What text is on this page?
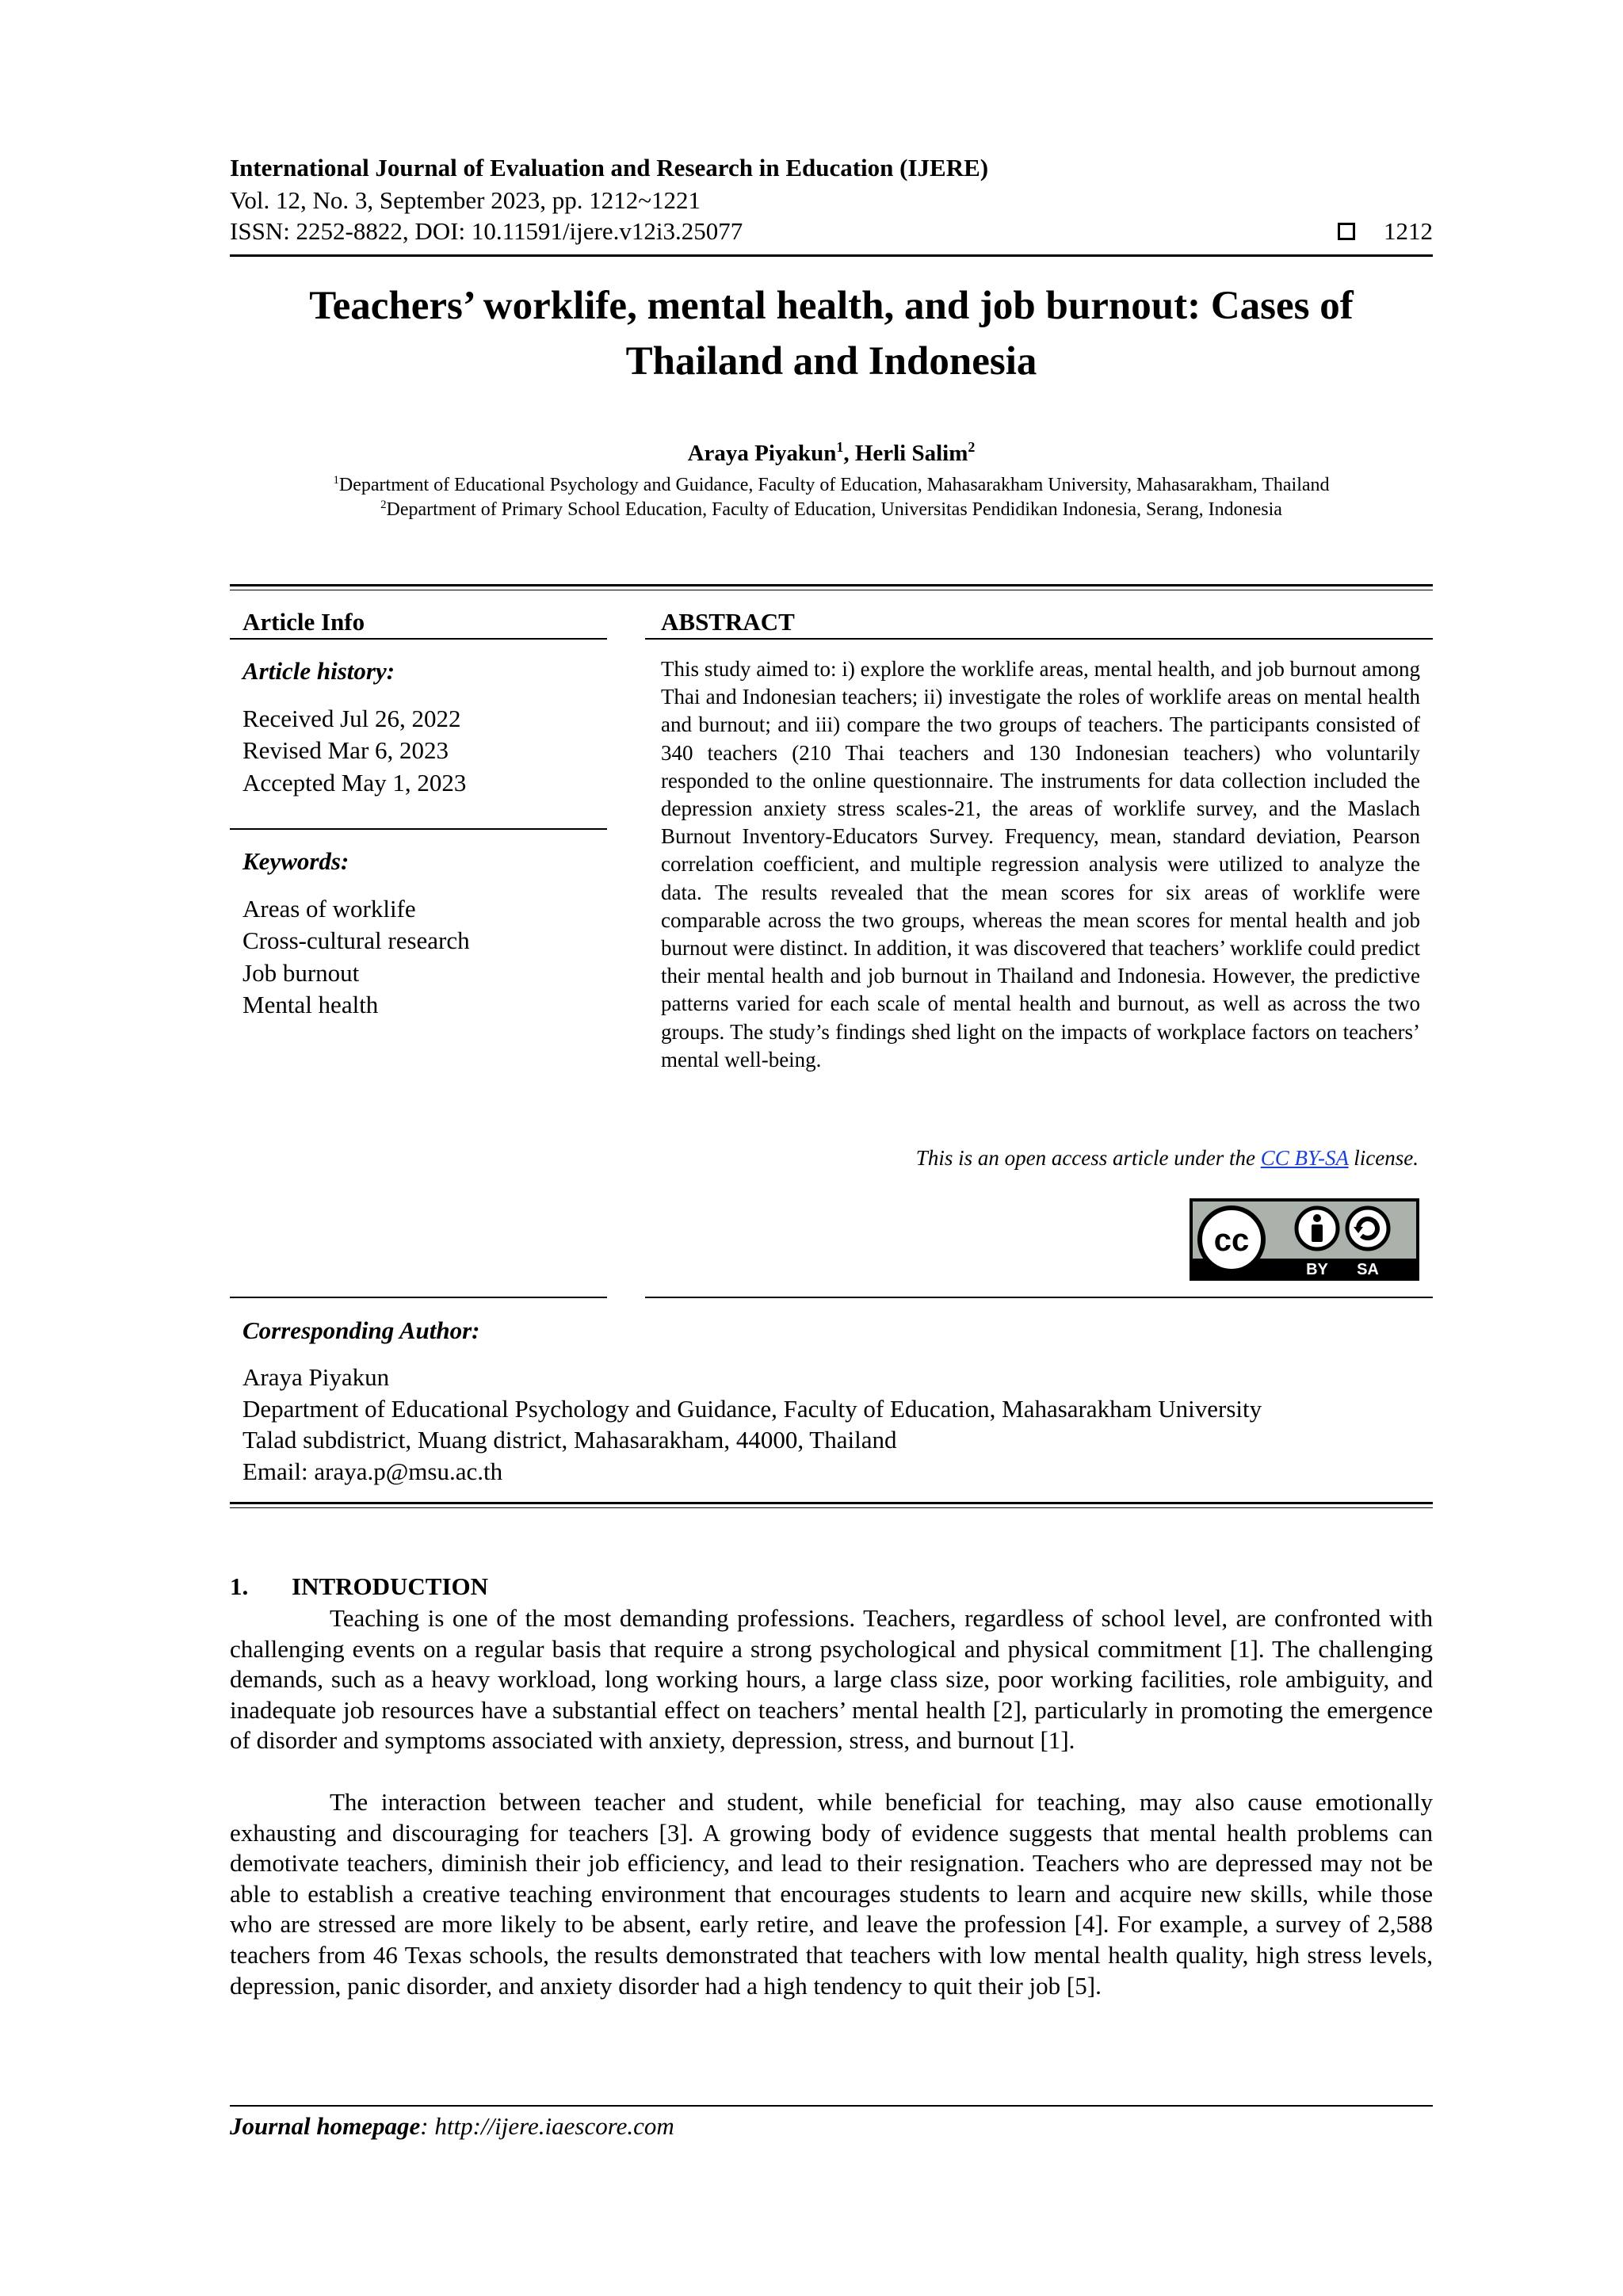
International Journal of Evaluation and Research in Education (IJERE)
Vol. 12, No. 3, September 2023, pp. 1212~1221
ISSN: 2252-8822, DOI: 10.11591/ijere.v12i3.25077	1212
Teachers’ worklife, mental health, and job burnout: Cases of
Thailand and Indonesia
Araya Piyakun$^1$, Herli Salim$^2$
$^1$Department of Educational Psychology and Guidance, Faculty of Education, Mahasarakham University, Mahasarakham, Thailand
$^2$Department of Primary School Education, Faculty of Education, Universitas Pendidikan Indonesia, Serang, Indonesia
Article Info
Article history:
Received Jul 26, 2022
Revised Mar 6, 2023
Accepted May 1, 2023
Keywords:
Areas of worklife
Cross-cultural research
Job burnout
Mental health
ABSTRACT
This study aimed to: i) explore the worklife areas, mental health, and job burnout among Thai and Indonesian teachers; ii) investigate the roles of worklife areas on mental health and burnout; and iii) compare the two groups of teachers. The participants consisted of 340 teachers (210 Thai teachers and 130 Indonesian teachers) who voluntarily responded to the online questionnaire. The instruments for data collection included the depression anxiety stress scales-21, the areas of worklife survey, and the Maslach Burnout Inventory-Educators Survey. Frequency, mean, standard deviation, Pearson correlation coefficient, and multiple regression analysis were utilized to analyze the data. The results revealed that the mean scores for six areas of worklife were comparable across the two groups, whereas the mean scores for mental health and job burnout were distinct. In addition, it was discovered that teachers’ worklife could predict their mental health and job burnout in Thailand and Indonesia. However, the predictive patterns varied for each scale of mental health and burnout, as well as across the two groups. The study’s findings shed light on the impacts of workplace factors on teachers’ mental well-being.
This is an open access article under the CC BY-SA license.
cc
BY SA
Corresponding Author:
Araya Piyakun
Department of Educational Psychology and Guidance, Faculty of Education, Mahasarakham University
Talad subdistrict, Muang district, Mahasarakham, 44000, Thailand
Email: araya.p@msu.ac.th
1. INTRODUCTION

Teaching is one of the most demanding professions. Teachers, regardless of school level, are confronted with challenging events on a regular basis that require a strong psychological and physical commitment [1]. The challenging demands, such as a heavy workload, long working hours, a large class size, poor working facilities, role ambiguity, and inadequate job resources have a substantial effect on teachers’ mental health [2], particularly in promoting the emergence of disorder and symptoms associated with anxiety, depression, stress, and burnout [1].

The interaction between teacher and student, while beneficial for teaching, may also cause emotionally exhausting and discouraging for teachers [3]. A growing body of evidence suggests that mental health problems can demotivate teachers, diminish their job efficiency, and lead to their resignation. Teachers who are depressed may not be able to establish a creative teaching environment that encourages students to learn and acquire new skills, while those who are stressed are more likely to be absent, early retire, and leave the profession [4]. For example, a survey of 2,588 teachers from 46 Texas schools, the results demonstrated that teachers with low mental health quality, high stress levels, depression, panic disorder, and anxiety disorder had a high tendency to quit their job [5].

Journal homepage: http://ijere.iaescore.com
